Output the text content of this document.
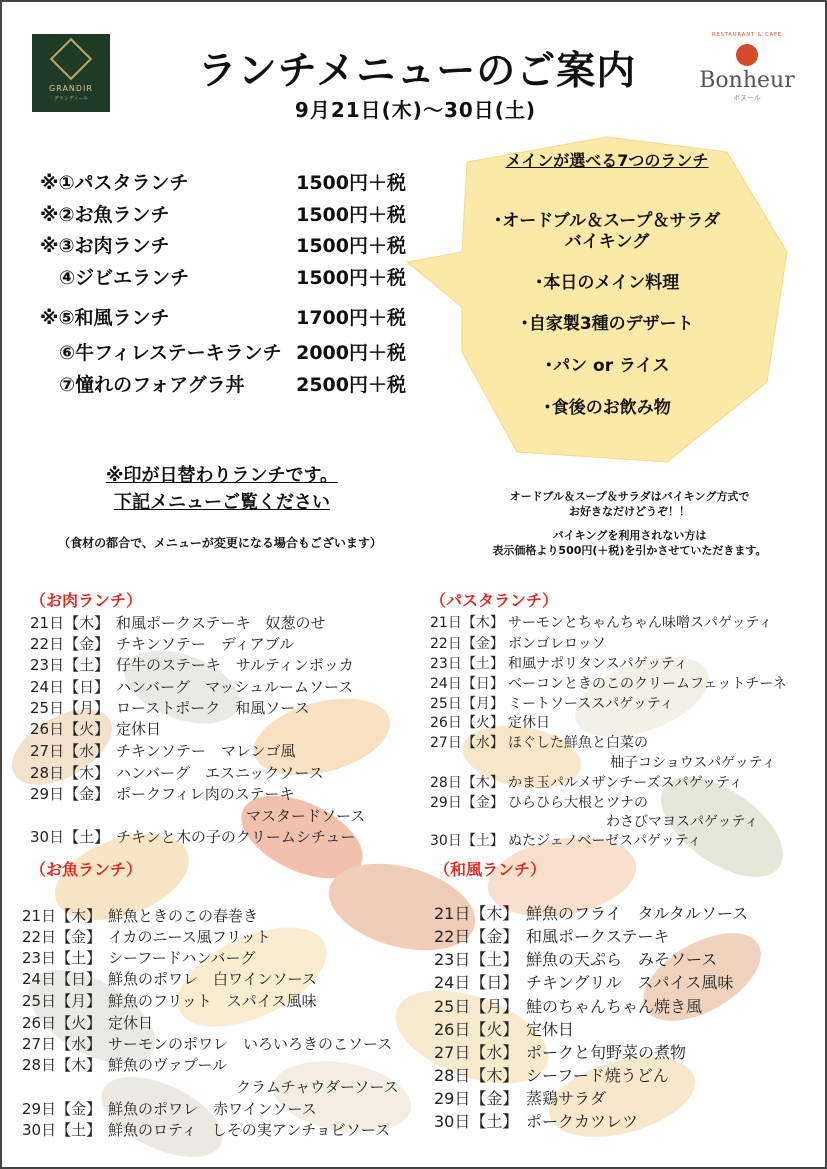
GRANDIR
グランディール
ランチメニューのご案内
9月21日(木)～30日(土)
RESTAURANT & CAFE
Bonheur
ボヌール
※①パスタランチ	1500円＋税
※②お魚ランチ	1500円＋税
※③お肉ランチ	1500円＋税
　④ジビエランチ	1500円＋税
※⑤和風ランチ	1700円＋税
　⑥牛フィレステーキランチ 2000円＋税
　⑦憧れのフォアグラ丼	2500円＋税
メインが選べる7つのランチ
･オードブル＆スープ＆サラダ
バイキング
･本日のメイン料理
･自家製3種のデザート
･パン or ライス
･食後のお飲み物
※印が日替わりランチです。
下記メニューご覧ください
（食材の都合で、メニューが変更になる場合もございます）
オードブル＆スープ＆サラダはバイキング方式で
お好きなだけどうぞ！！
バイキングを利用されない方は
表示価格より500円(＋税)を引かさせていただきます。
（お肉ランチ）
21日【木】 和風ポークステーキ　奴葱のせ
22日【金】 チキンソテー　ディアブル
23日【土】 仔牛のステーキ　サルティンボッカ
24日【日】 ハンバーグ　マッシュルームソース
25日【月】 ローストポーク　和風ソース
26日【火】 定休日
27日【水】 チキンソテー　マレンゴ風
28日【木】 ハンバーグ　エスニックソース
29日【金】 ポークフィレ肉のステーキ
マスタードソース
30日【土】 チキンと木の子のクリームシチュー
（パスタランチ）
21日【木】 サーモンとちゃんちゃん味噌スパゲッティ
22日【金】 ボンゴレロッソ
23日【土】 和風ナポリタンスパゲッティ
24日【日】 ベーコンときのこのクリームフェットチーネ
25日【月】 ミートソーススパゲッティ
26日【火】 定休日
27日【水】 ほぐした鮮魚と白菜の
柚子コショウスパゲッティ
28日【木】 かま玉パルメザンチーズスパゲッティ
29日【金】 ひらひら大根とツナの
わさびマヨスパゲッティ
30日【土】 ぬたジェノベーゼスパゲッティ
（お魚ランチ）
21日【木】 鮮魚ときのこの春巻き
22日【金】 イカのニース風フリット
23日【土】 シーフードハンバーグ
24日【日】 鮮魚のポワレ　白ワインソース
25日【月】 鮮魚のフリット　スパイス風味
26日【火】 定休日
27日【水】 サーモンのポワレ　いろいろきのこソース
28日【木】 鮮魚のヴァプール
クラムチャウダーソース
29日【金】 鮮魚のポワレ　赤ワインソース
30日【土】 鮮魚のロティ　しその実アンチョビソース
（和風ランチ）
21日【木】 鮮魚のフライ　タルタルソース
22日【金】 和風ポークステーキ
23日【土】 鮮魚の天ぷら　みそソース
24日【日】 チキングリル　スパイス風味
25日【月】 鮭のちゃんちゃん焼き風
26日【火】 定休日
27日【水】 ポークと旬野菜の煮物
28日【木】 シーフード焼うどん
29日【金】 蒸鶏サラダ
30日【土】 ポークカツレツ
